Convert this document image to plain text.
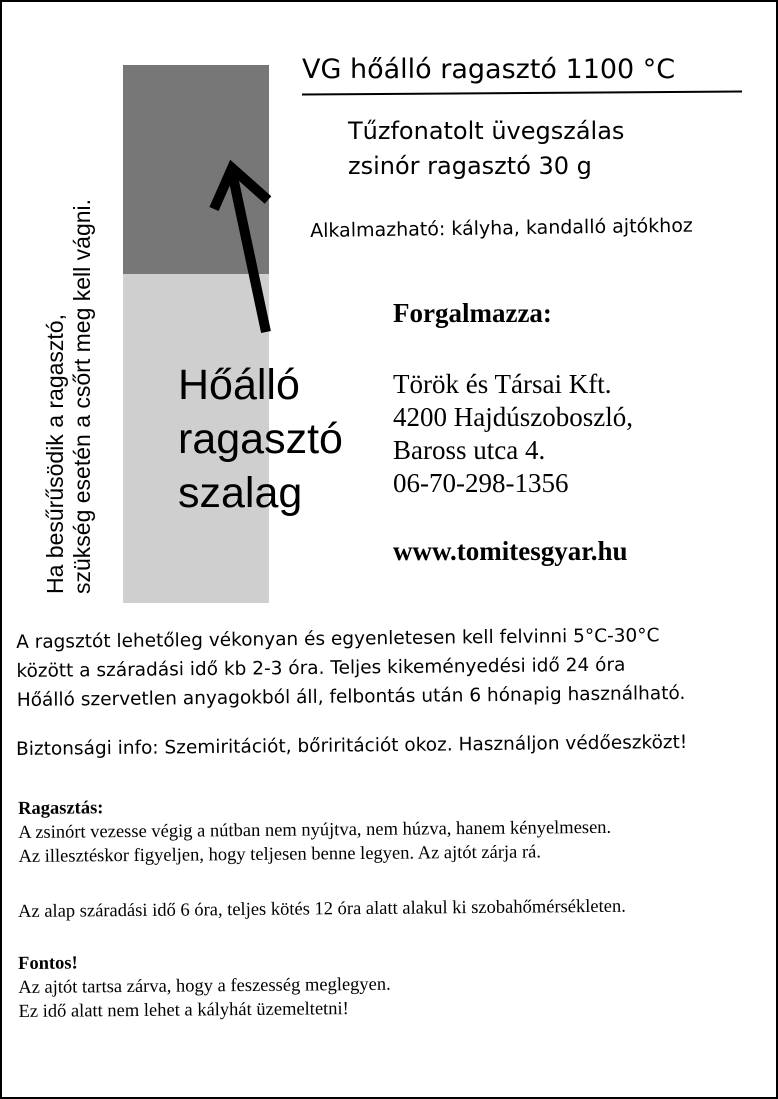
Hőálló
ragasztó
szalag
Ha besűrűsödik a ragasztó, szükség esetén a csőrt meg kell vágni.
VG hőálló ragasztó 1100 °C
Tűzfonatolt üvegszálas
zsinór ragasztó 30 g
Alkalmazható: kályha, kandalló ajtókhoz
Forgalmazza:
Török és Társai Kft.
4200 Hajdúszoboszló,
Baross utca 4.
06-70-298-1356
www.tomitesgyar.hu
A ragsztót lehetőleg vékonyan és egyenletesen kell felvinni 5°C-30°C
között a száradási idő kb 2-3 óra. Teljes kikeményedési idő 24 óra
Hőálló szervetlen anyagokból áll, felbontás után 6 hónapig használható.
Biztonsági info: Szemiritációt, bőriritációt okoz. Használjon védőeszközt!
Ragasztás:
A zsinórt vezesse végig a nútban nem nyújtva, nem húzva, hanem kényelmesen.
Az illesztéskor figyeljen, hogy teljesen benne legyen. Az ajtót zárja rá.
Az alap száradási idő 6 óra, teljes kötés 12 óra alatt alakul ki szobahőmérsékleten.
Fontos!
Az ajtót tartsa zárva, hogy a feszesség meglegyen.
Ez idő alatt nem lehet a kályhát üzemeltetni!
